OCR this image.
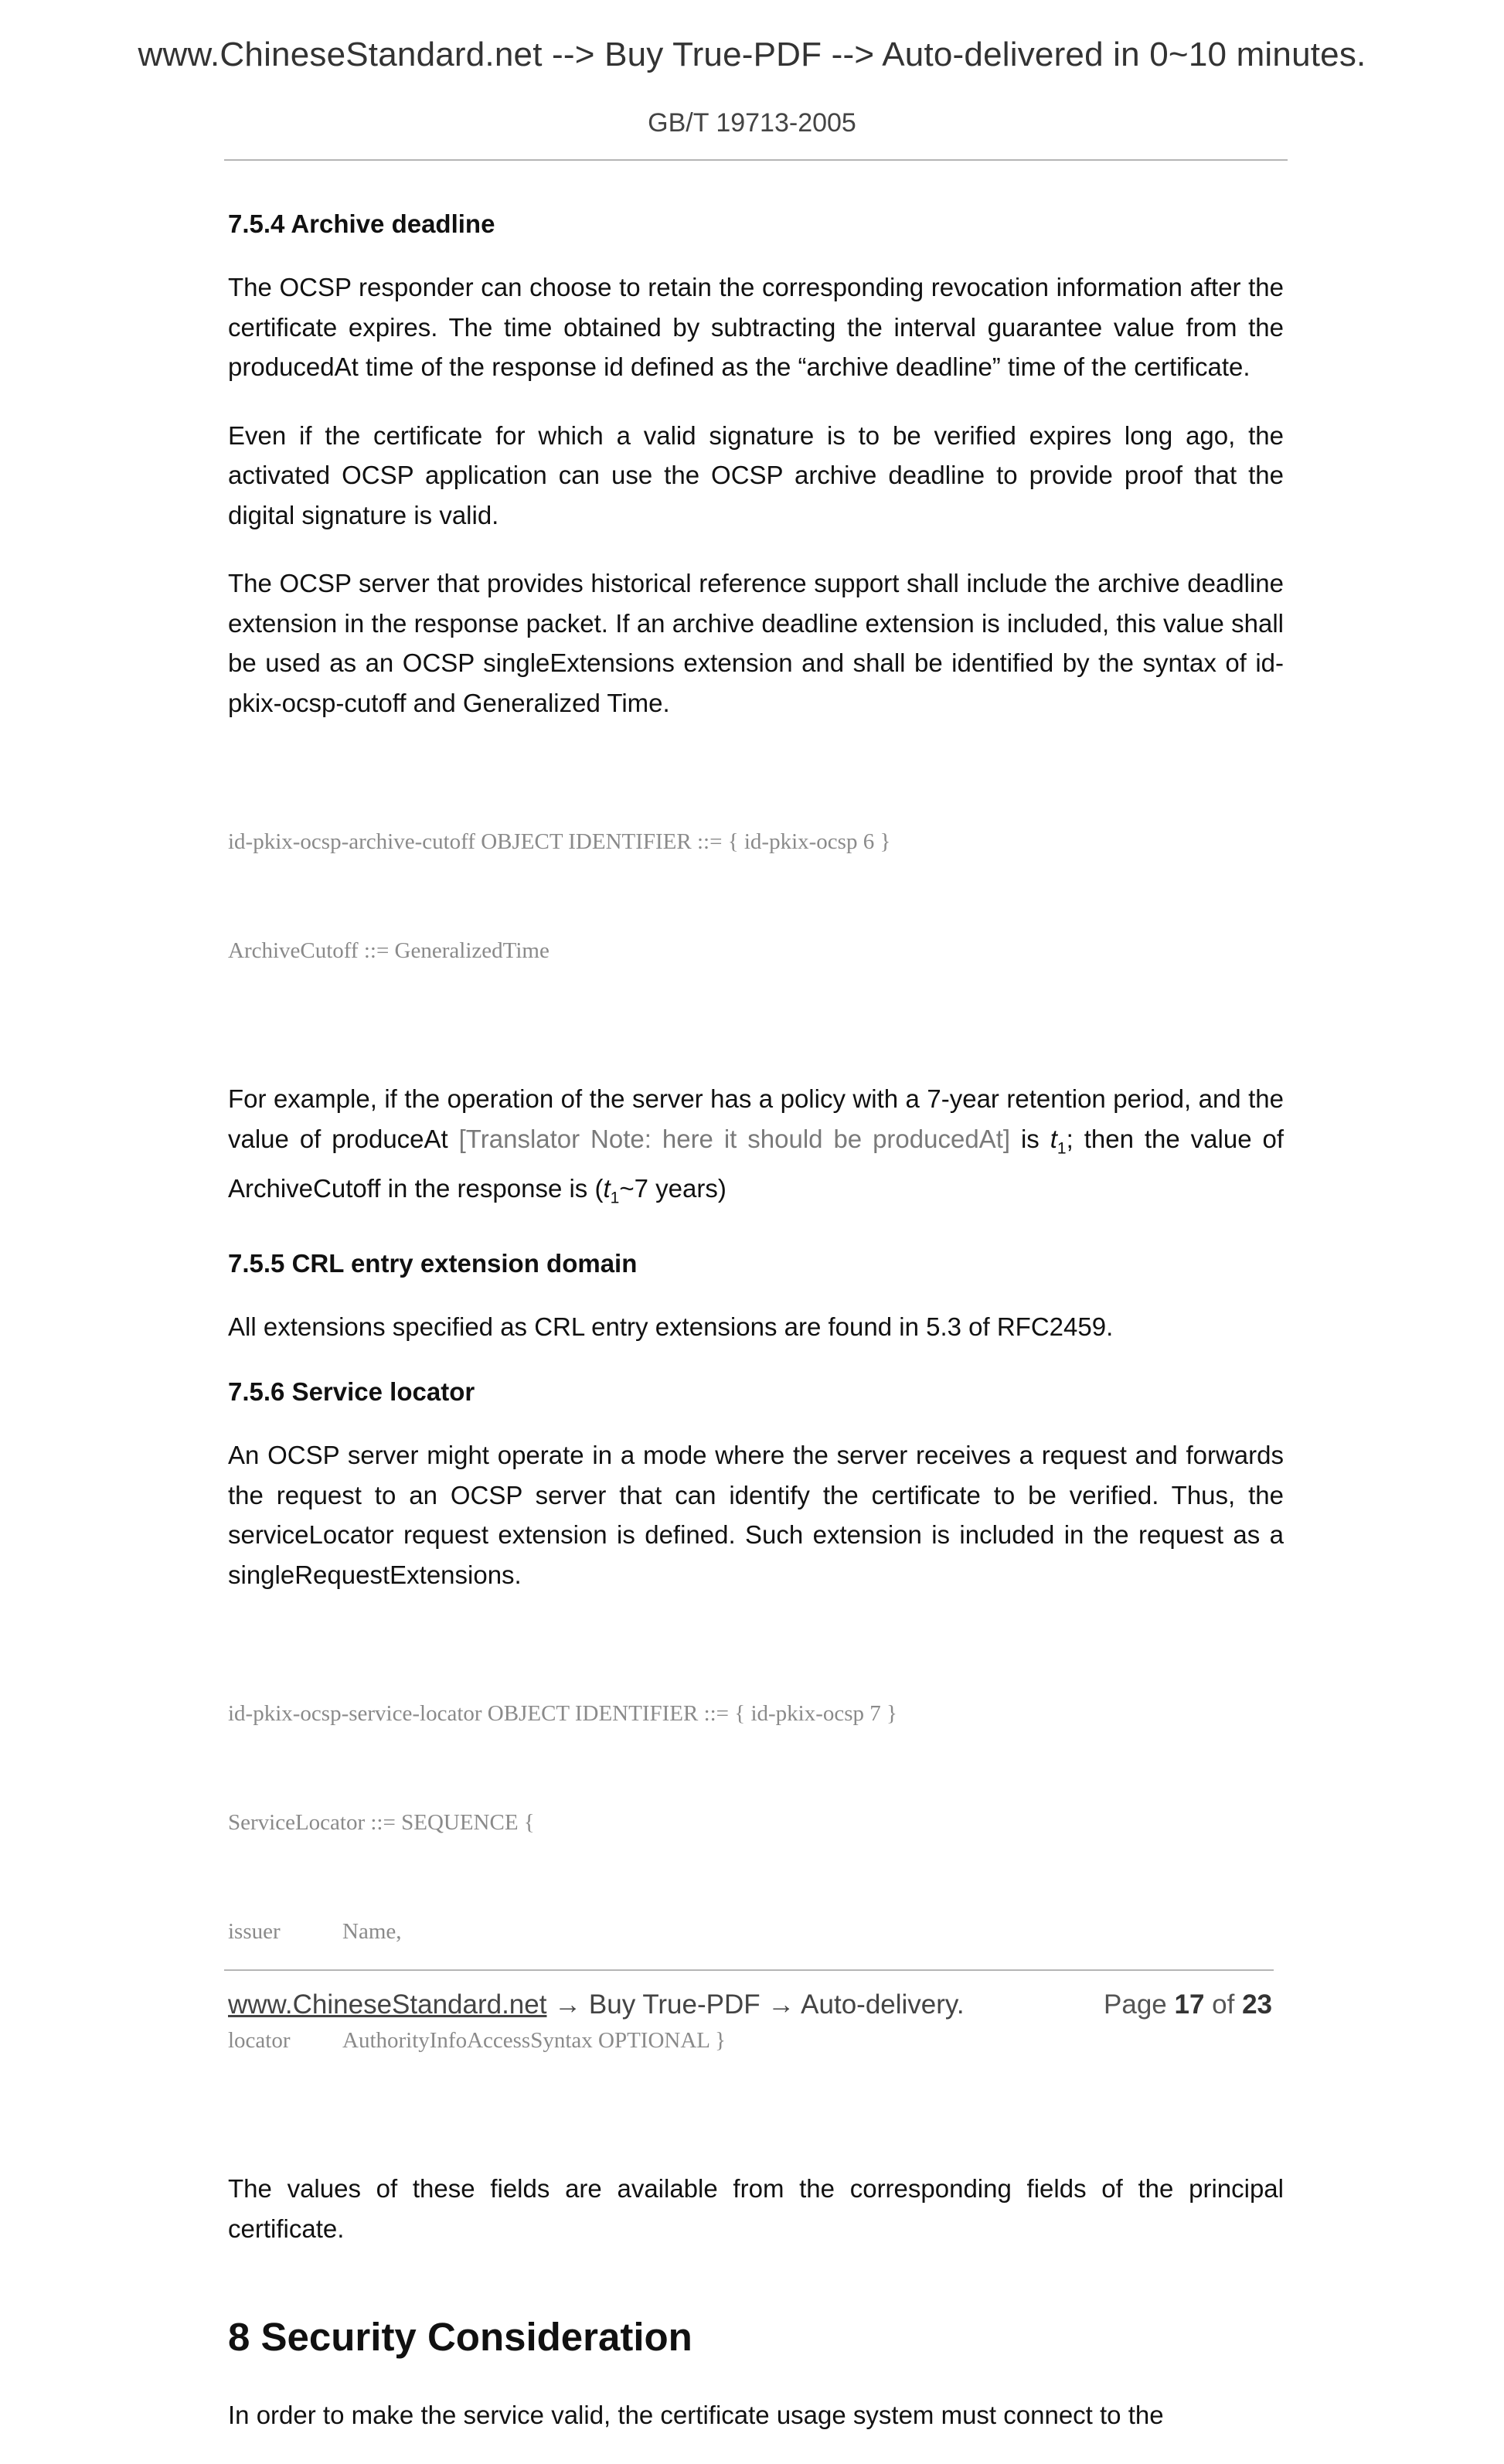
www.ChineseStandard.net --> Buy True-PDF --> Auto-delivered in 0~10 minutes.
GB/T 19713-2005
7.5.4 Archive deadline
The OCSP responder can choose to retain the corresponding revocation information after the certificate expires. The time obtained by subtracting the interval guarantee value from the producedAt time of the response id defined as the “archive deadline” time of the certificate.
Even if the certificate for which a valid signature is to be verified expires long ago, the activated OCSP application can use the OCSP archive deadline to provide proof that the digital signature is valid.
The OCSP server that provides historical reference support shall include the archive deadline extension in the response packet. If an archive deadline extension is included, this value shall be used as an OCSP singleExtensions extension and shall be identified by the syntax of id-pkix-ocsp-cutoff and Generalized Time.

id-pkix-ocsp-archive-cutoff OBJECT IDENTIFIER ::= { id-pkix-ocsp 6 }

ArchiveCutoff ::= GeneralizedTime

For example, if the operation of the server has a policy with a 7-year retention period, and the value of produceAt [Translator Note: here it should be producedAt] is $t_1$; then the value of ArchiveCutoff in the response is ($t_1\sim 7$ years)
7.5.5 CRL entry extension domain
All extensions specified as CRL entry extensions are found in 5.3 of RFC2459.
7.5.6 Service locator
An OCSP server might operate in a mode where the server receives a request and forwards the request to an OCSP server that can identify the certificate to be verified. Thus, the serviceLocator request extension is defined. Such extension is included in the request as a singleRequestExtensions.

id-pkix-ocsp-service-locator OBJECT IDENTIFIER ::= { id-pkix-ocsp 7 }

ServiceLocator ::= SEQUENCE {

issuer	Name,

locator AuthorityInfoAccessSyntax OPTIONAL }

The values of these fields are available from the corresponding fields of the principal certificate.
8 Security Consideration
In order to make the service valid, the certificate usage system must connect to the
www.ChineseStandard.net → Buy True-PDF → Auto-delivery.	Page 17 of 23
